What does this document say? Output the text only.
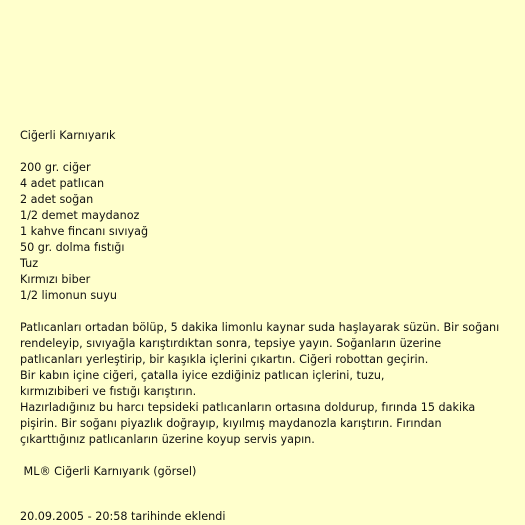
Ciğerli Karnıyarık
200 gr. ciğer
4 adet patlıcan
2 adet soğan
1/2 demet maydanoz
1 kahve fincanı sıvıyağ
50 gr. dolma fıstığı
Tuz
Kırmızı biber
1/2 limonun suyu
Patlıcanları ortadan bölüp, 5 dakika limonlu kaynar suda haşlayarak süzün. Bir soğanı
rendeleyip, sıvıyağla karıştırdıktan sonra, tepsiye yayın. Soğanların üzerine
patlıcanları yerleştirip, bir kaşıkla içlerini çıkartın. Ciğeri robottan geçirin.
Bir kabın içine ciğeri, çatalla iyice ezdiğiniz patlıcan içlerini, tuzu,
kırmızıbiberi ve fıstığı karıştırın.
Hazırladığınız bu harcı tepsideki patlıcanların ortasına doldurup, fırında 15 dakika
pişirin. Bir soğanı piyazlık doğrayıp, kıyılmış maydanozla karıştırın. Fırından
çıkarttığınız patlıcanların üzerine koyup servis yapın.
ML® Ciğerli Karnıyarık (görsel)
20.09.2005 - 20:58 tarihinde eklendi
